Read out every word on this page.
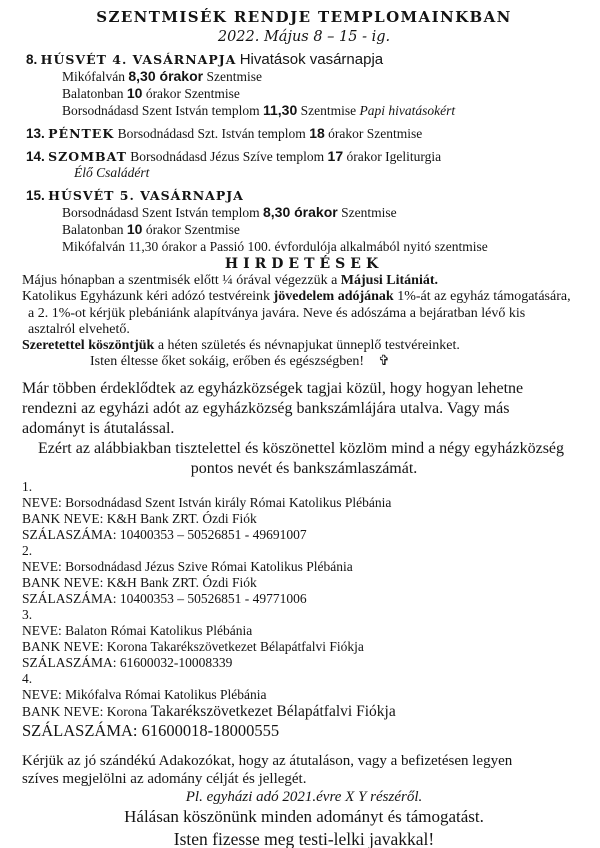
SZENTMISÉK RENDJE TEMPLOMAINKBAN
2022. Május 8 – 15 - ig.
8. HÚSVÉT 4. VASÁRNAPJA Hivatások vasárnapja
Mikófalván 8,30 órakor Szentmise
Balatonban 10 órakor Szentmise
Borsodnádasd Szent István templom 11,30 Szentmise Papi hivatásokért
13. PÉNTEK Borsodnádasd Szt. István templom 18 órakor Szentmise
14. SZOMBAT Borsodnádasd Jézus Szíve templom 17 órakor Igeliturgia
Élő Családért
15. HÚSVÉT 5. VASÁRNAPJA
Borsodnádasd Szent István templom 8,30 órakor Szentmise
Balatonban 10 órakor Szentmise
Mikófalván 11,30 órakor a Passió 100. évfordulója alkalmából nyitó szentmise
HIRDETÉSEK
Május hónapban a szentmisék előtt ¼ órával végezzük a Májusi Litániát.
Katolikus Egyházunk kéri adózó testvéreink jövedelem adójának 1%-át az egyház támogatására,
a 2. 1%-ot kérjük plebániánk alapítványa javára. Neve és adószáma a bejáratban lévő kis
asztalról elvehető.
Szeretettel köszöntjük a héten születés és névnapjukat ünneplő testvéreinket.
Isten éltesse őket sokáig, erőben és egészségben! ✞
Már többen érdeklődtek az egyházközségek tagjai közül, hogy hogyan lehetne
rendezni az egyházi adót az egyházközség bankszámlájára utalva. Vagy más
adományt is átutalással.
Ezért az alábbiakban tisztelettel és köszönettel közlöm mind a négy egyházközség
pontos nevét és bankszámlaszámát.
1.
NEVE: Borsodnádasd Szent István király Római Katolikus Plébánia
BANK NEVE: K&H Bank ZRT. Ózdi Fiók
SZÁLASZÁMA: 10400353 – 50526851 - 49691007
2.
NEVE: Borsodnádasd Jézus Szive Római Katolikus Plébánia
BANK NEVE: K&H Bank ZRT. Ózdi Fiók
SZÁLASZÁMA: 10400353 – 50526851 - 49771006
3.
NEVE: Balaton Római Katolikus Plébánia
BANK NEVE: Korona Takarékszövetkezet Bélapátfalvi Fiókja
SZÁLASZÁMA: 61600032-10008339
4.
NEVE: Mikófalva Római Katolikus Plébánia
BANK NEVE: Korona Takarékszövetkezet Bélapátfalvi Fiókja
SZÁLASZÁMA: 61600018-18000555
Kérjük az jó szándékú Adakozókat, hogy az átutaláson, vagy a befizetésen legyen
szíves megjelölni az adomány célját és jellegét.
Pl. egyházi adó 2021.évre X Y részéről.
Hálásan köszönünk minden adományt és támogatást.
Isten fizesse meg testi-lelki javakkal!
